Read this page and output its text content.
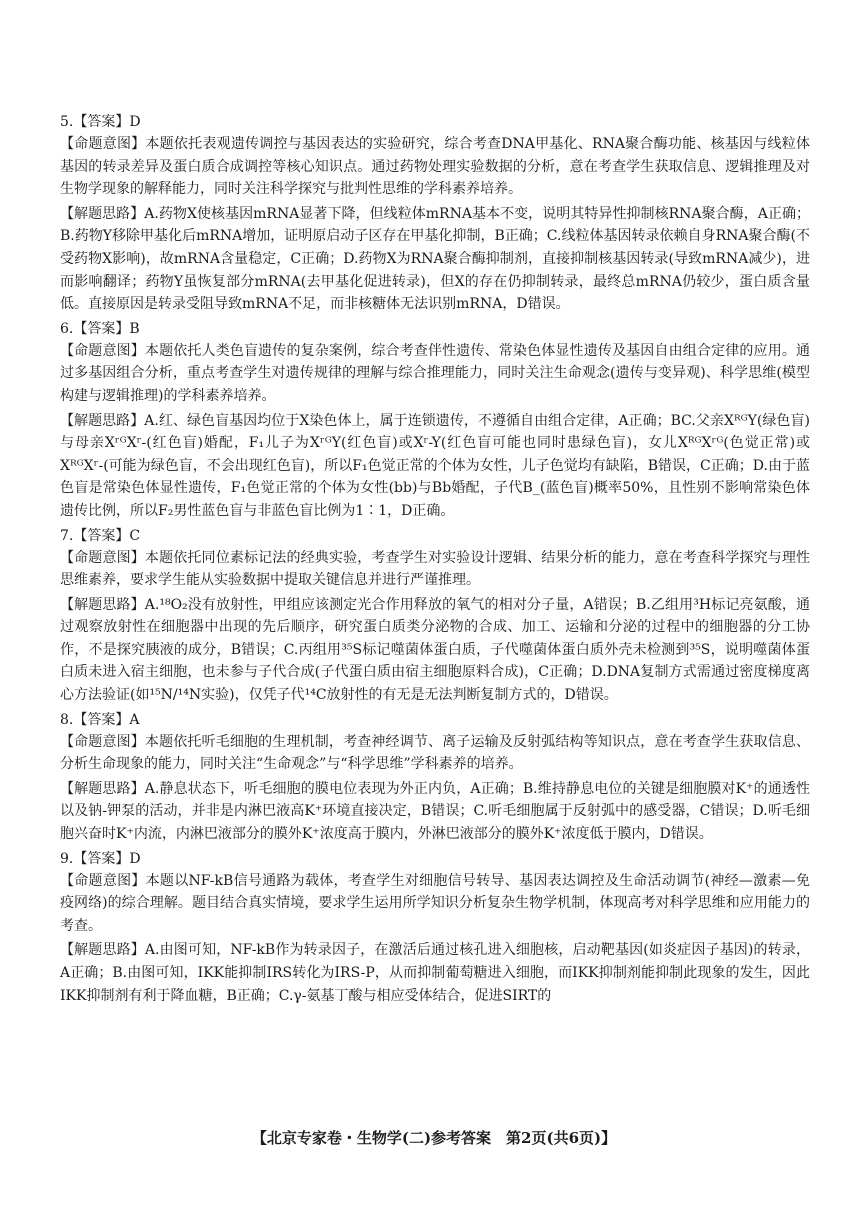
5.【答案】D

【命题意图】本题依托表观遗传调控与基因表达的实验研究，综合考查DNA甲基化、RNA聚合酶功能、核基因与线粒体基因的转录差异及蛋白质合成调控等核心知识点。通过药物处理实验数据的分析，意在考查学生获取信息、逻辑推理及对生物学现象的解释能力，同时关注科学探究与批判性思维的学科素养培养。

【解题思路】A.药物X使核基因mRNA显著下降，但线粒体mRNA基本不变，说明其特异性抑制核RNA聚合酶，A正确；B.药物Y移除甲基化后mRNA增加，证明原启动子区存在甲基化抑制，B正确；C.线粒体基因转录依赖自身RNA聚合酶(不受药物X影响)，故mRNA含量稳定，C正确；D.药物X为RNA聚合酶抑制剂，直接抑制核基因转录(导致mRNA减少)，进而影响翻译；药物Y虽恢复部分mRNA(去甲基化促进转录)，但X的存在仍抑制转录，最终总mRNA仍较少，蛋白质含量低。直接原因是转录受阻导致mRNA不足，而非核糖体无法识别mRNA，D错误。

6.【答案】B

【命题意图】本题依托人类色盲遗传的复杂案例，综合考查伴性遗传、常染色体显性遗传及基因自由组合定律的应用。通过多基因组合分析，重点考查学生对遗传规律的理解与综合推理能力，同时关注生命观念(遗传与变异观)、科学思维(模型构建与逻辑推理)的学科素养培养。

【解题思路】A.红、绿色盲基因均位于X染色体上，属于连锁遗传，不遵循自由组合定律，A正确；BC.父亲XᴿᴳY(绿色盲)与母亲XʳᴳXʳ-(红色盲)婚配，F₁儿子为XʳᴳY(红色盲)或Xʳ-Y(红色盲可能也同时患绿色盲)，女儿XᴿᴳXʳᴳ(色觉正常)或XᴿᴳXʳ-(可能为绿色盲，不会出现红色盲)，所以F₁色觉正常的个体为女性，儿子色觉均有缺陷，B错误，C正确；D.由于蓝色盲是常染色体显性遗传，F₁色觉正常的个体为女性(bb)与Bb婚配，子代B_(蓝色盲)概率50%，且性别不影响常染色体遗传比例，所以F₂男性蓝色盲与非蓝色盲比例为1∶1，D正确。

7.【答案】C

【命题意图】本题依托同位素标记法的经典实验，考查学生对实验设计逻辑、结果分析的能力，意在考查科学探究与理性思维素养，要求学生能从实验数据中提取关键信息并进行严谨推理。

【解题思路】A.¹⁸O₂没有放射性，甲组应该测定光合作用释放的氧气的相对分子量，A错误；B.乙组用³H标记亮氨酸，通过观察放射性在细胞器中出现的先后顺序，研究蛋白质类分泌物的合成、加工、运输和分泌的过程中的细胞器的分工协作，不是探究胰液的成分，B错误；C.丙组用³⁵S标记噬菌体蛋白质，子代噬菌体蛋白质外壳未检测到³⁵S，说明噬菌体蛋白质未进入宿主细胞，也未参与子代合成(子代蛋白质由宿主细胞原料合成)，C正确；D.DNA复制方式需通过密度梯度离心方法验证(如¹⁵N/¹⁴N实验)，仅凭子代¹⁴C放射性的有无是无法判断复制方式的，D错误。

8.【答案】A

【命题意图】本题依托听毛细胞的生理机制，考查神经调节、离子运输及反射弧结构等知识点，意在考查学生获取信息、分析生命现象的能力，同时关注“生命观念”与“科学思维”学科素养的培养。

【解题思路】A.静息状态下，听毛细胞的膜电位表现为外正内负，A正确；B.维持静息电位的关键是细胞膜对K⁺的通透性以及钠-钾泵的活动，并非是内淋巴液高K⁺环境直接决定，B错误；C.听毛细胞属于反射弧中的感受器，C错误；D.听毛细胞兴奋时K⁺内流，内淋巴液部分的膜外K⁺浓度高于膜内，外淋巴液部分的膜外K⁺浓度低于膜内，D错误。

9.【答案】D

【命题意图】本题以NF-kB信号通路为载体，考查学生对细胞信号转导、基因表达调控及生命活动调节(神经—激素—免疫网络)的综合理解。题目结合真实情境，要求学生运用所学知识分析复杂生物学机制，体现高考对科学思维和应用能力的考查。

【解题思路】A.由图可知，NF-kB作为转录因子，在激活后通过核孔进入细胞核，启动靶基因(如炎症因子基因)的转录，A正确；B.由图可知，IKK能抑制IRS转化为IRS-P，从而抑制葡萄糖进入细胞，而IKK抑制剂能抑制此现象的发生，因此IKK抑制剂有利于降血糖，B正确；C.γ-氨基丁酸与相应受体结合，促进SIRT的

【北京专家卷・生物学(二)参考答案　第2页(共6页)】
